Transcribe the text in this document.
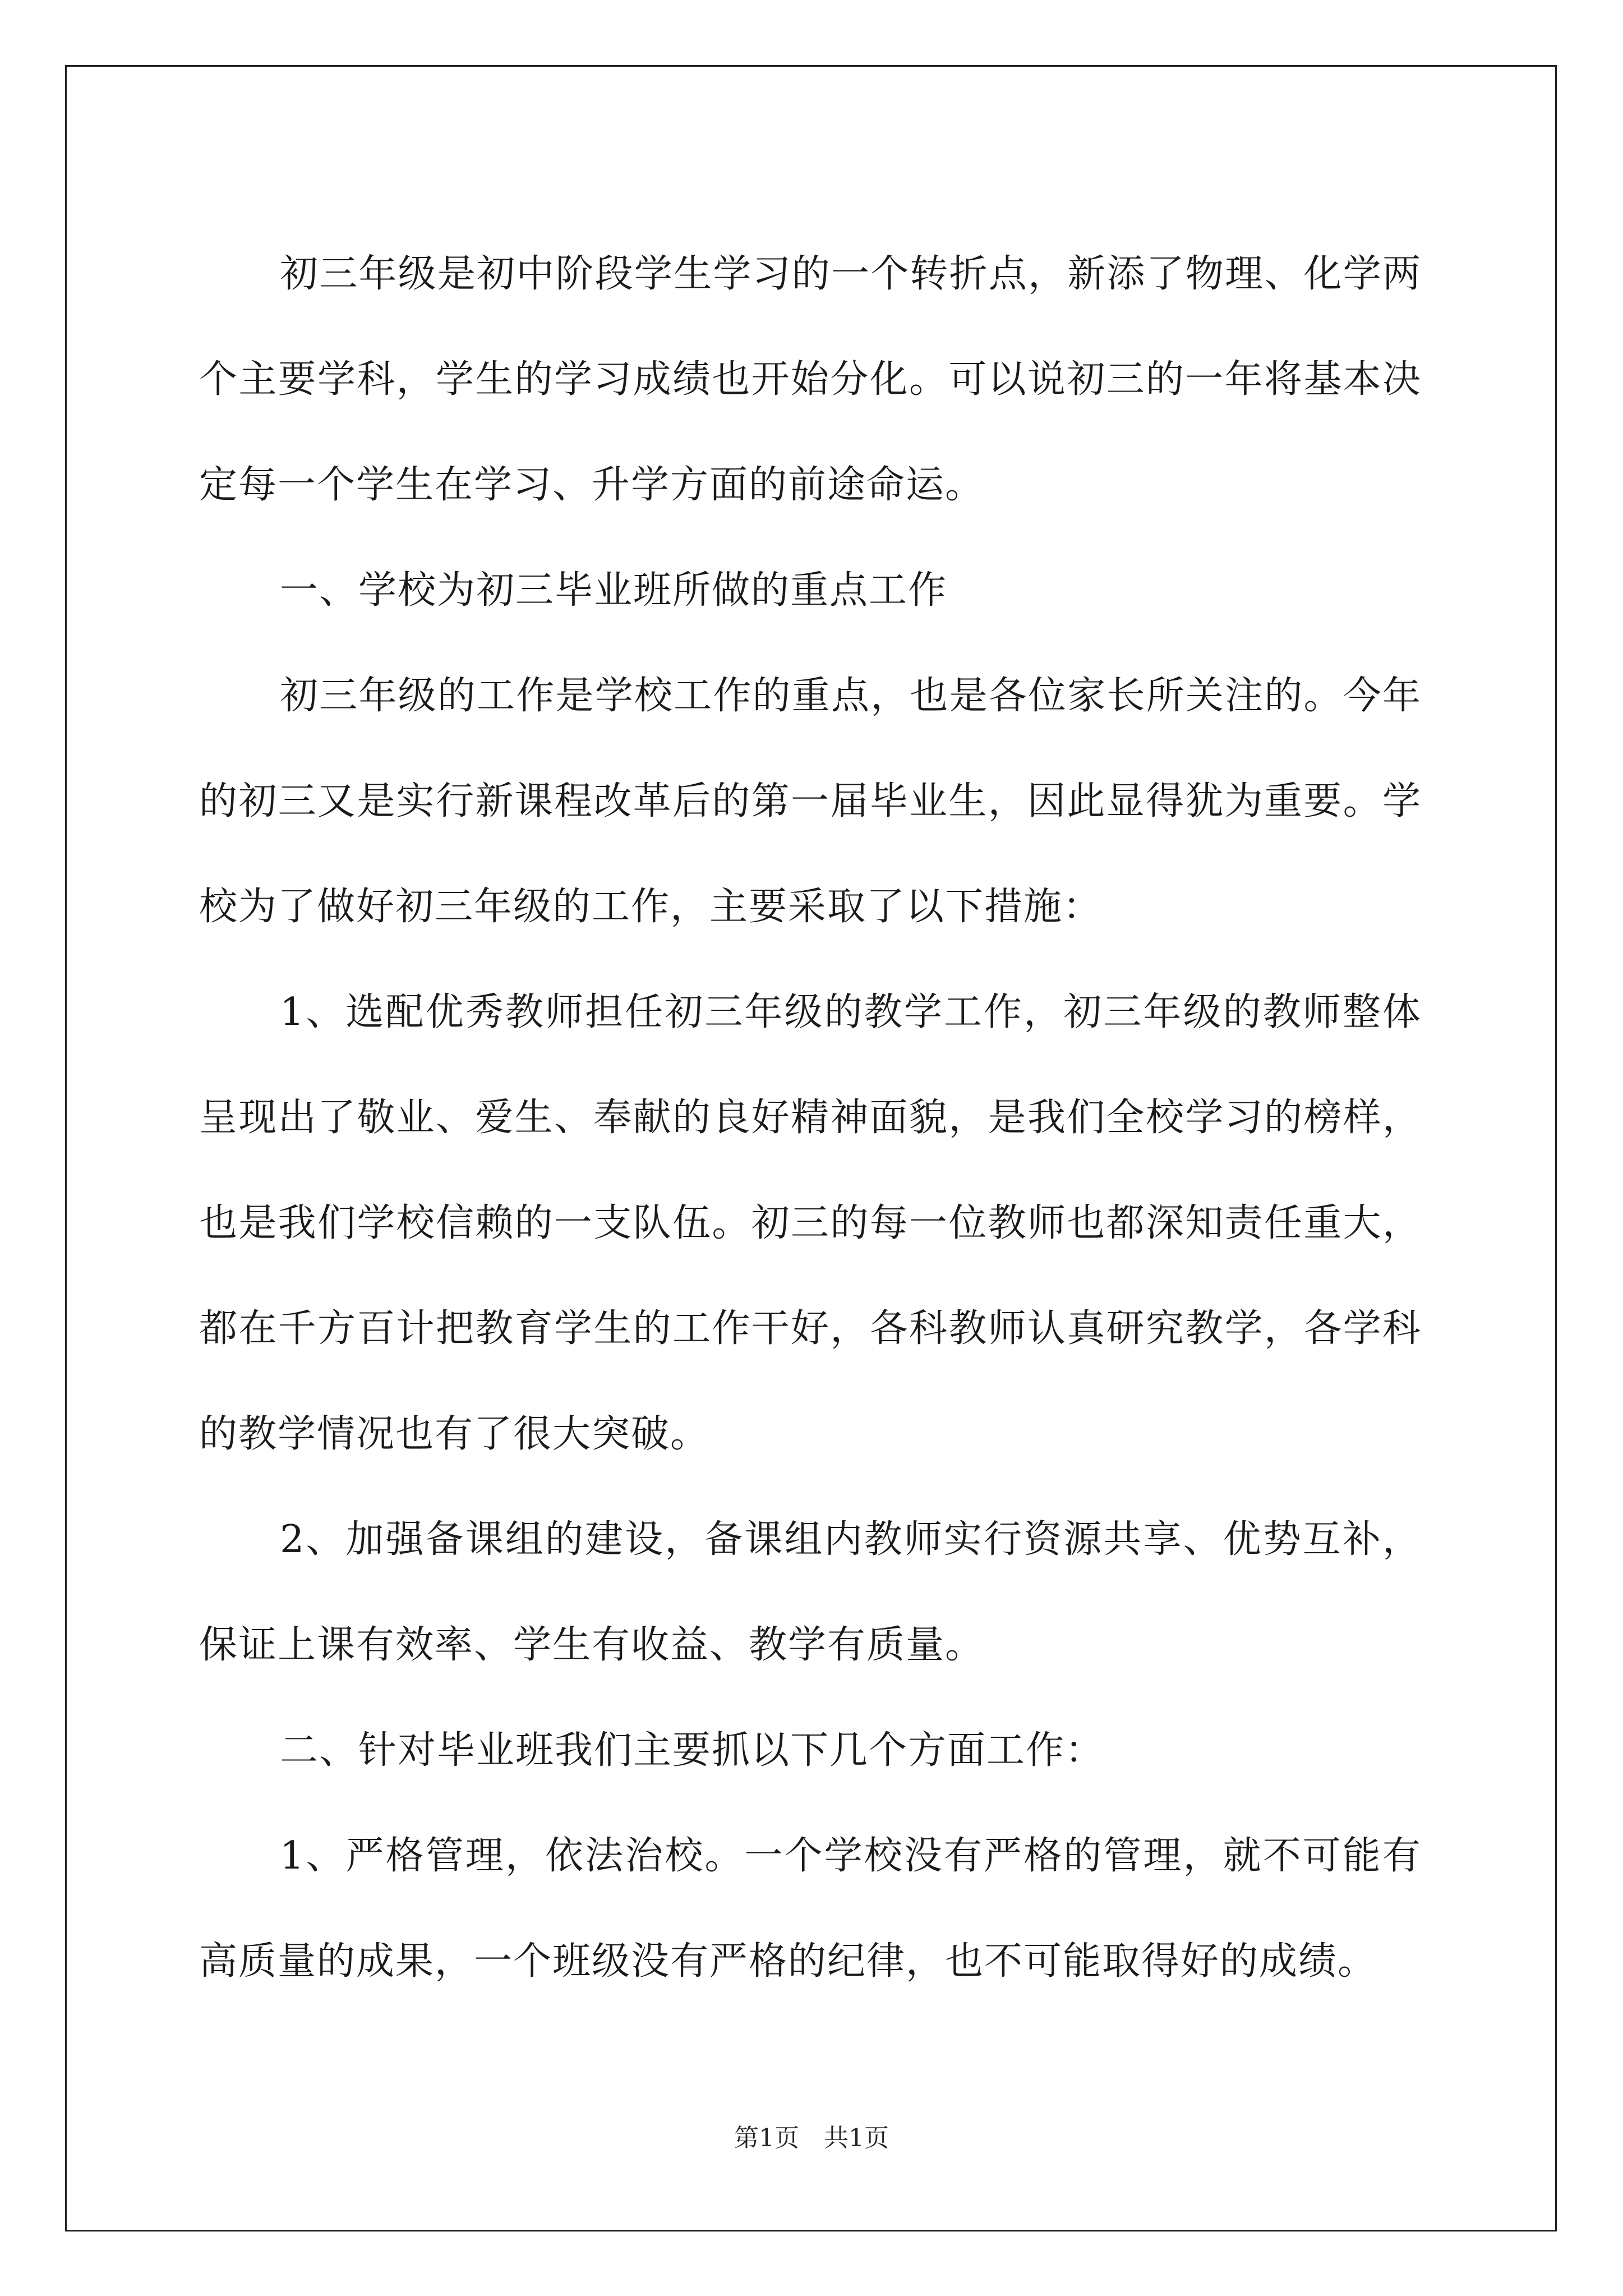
初三年级是初中阶段学生学习的一个转折点，新添了物理、化学两个主要学科，学生的学习成绩也开始分化。可以说初三的一年将基本决定每一个学生在学习、升学方面的前途命运。

一、学校为初三毕业班所做的重点工作

初三年级的工作是学校工作的重点，也是各位家长所关注的。今年的初三又是实行新课程改革后的第一届毕业生，因此显得犹为重要。学校为了做好初三年级的工作，主要采取了以下措施：

1、选配优秀教师担任初三年级的教学工作，初三年级的教师整体呈现出了敬业、爱生、奉献的良好精神面貌，是我们全校学习的榜样，也是我们学校信赖的一支队伍。初三的每一位教师也都深知责任重大，都在千方百计把教育学生的工作干好，各科教师认真研究教学，各学科的教学情况也有了很大突破。

2、加强备课组的建设，备课组内教师实行资源共享、优势互补，保证上课有效率、学生有收益、教学有质量。

二、针对毕业班我们主要抓以下几个方面工作：

1、严格管理，依法治校。一个学校没有严格的管理，就不可能有高质量的成果，一个班级没有严格的纪律，也不可能取得好的成绩。

第1页　共1页
